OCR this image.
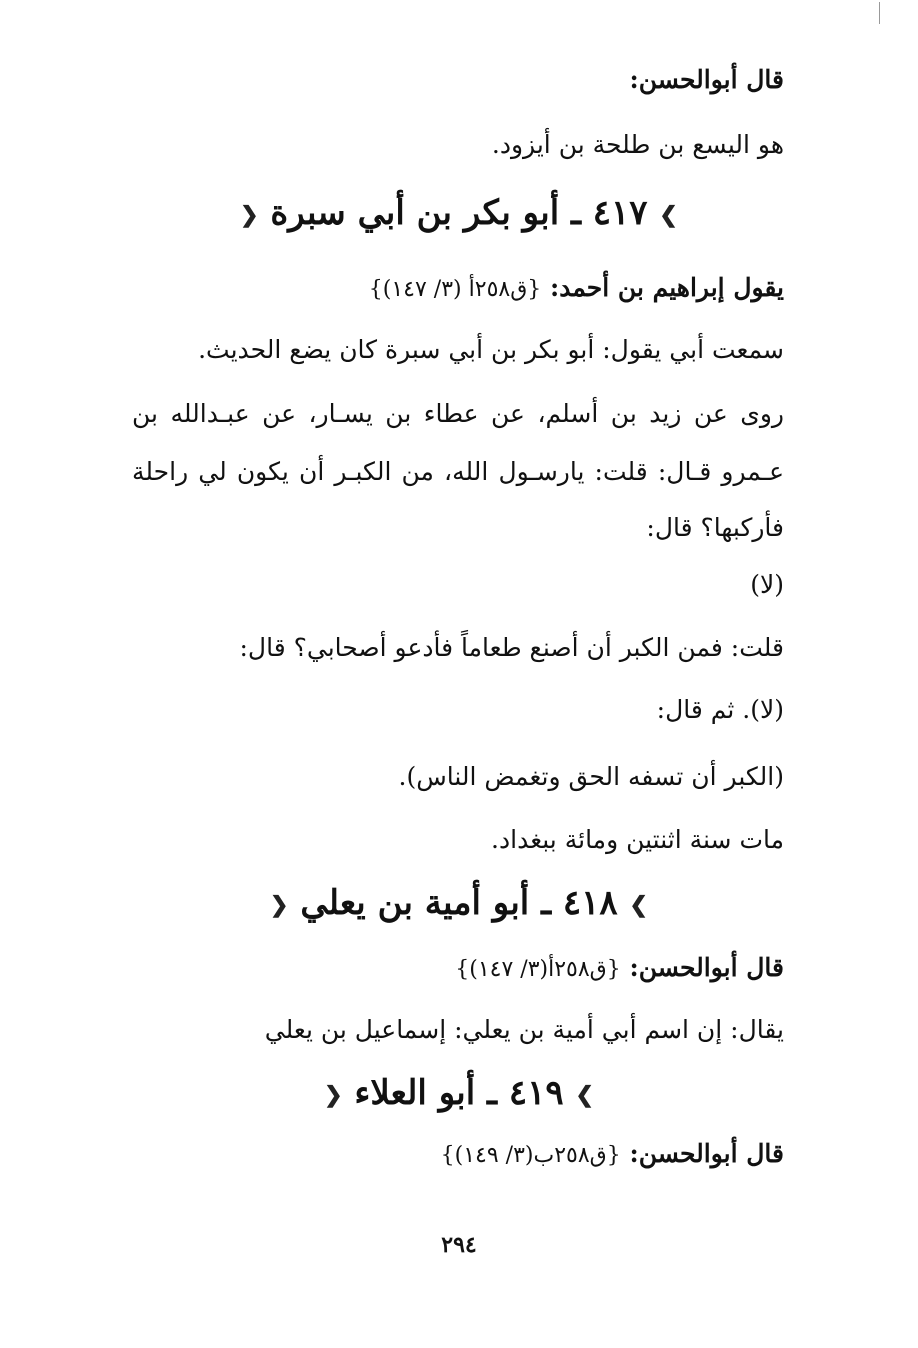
قال أبوالحسن:
هو اليسع بن طلحة بن أيزود.
❯ ٤١٧ ـ أبو بكر بن أبي سبرة ❮
يقول إبراهيم بن أحمد: {ق٢٥٨أ (٣/ ١٤٧)}
سمعت أبي يقول: أبو بكر بن أبي سبرة كان يضع الحديث.
روى عن زيد بن أسلم، عن عطاء بن يسـار، عن عبـدالله بن
عـمرو قـال: قلت: يارسـول الله، من الكبـر أن يكون لي راحلة
فأركبها؟ قال:
(لا)
قلت: فمن الكبر أن أصنع طعاماً فأدعو أصحابي؟ قال:
(لا). ثم قال:
(الكبر أن تسفه الحق وتغمض الناس).
مات سنة اثنتين ومائة ببغداد.
❯ ٤١٨ ـ أبو أمية بن يعلي ❮
قال أبوالحسن: {ق٢٥٨أ(٣/ ١٤٧)}
يقال: إن اسم أبي أمية بن يعلي: إسماعيل بن يعلي
❯ ٤١٩ ـ أبو العلاء ❮
قال أبوالحسن: {ق٢٥٨ب(٣/ ١٤٩)}
٢٩٤
